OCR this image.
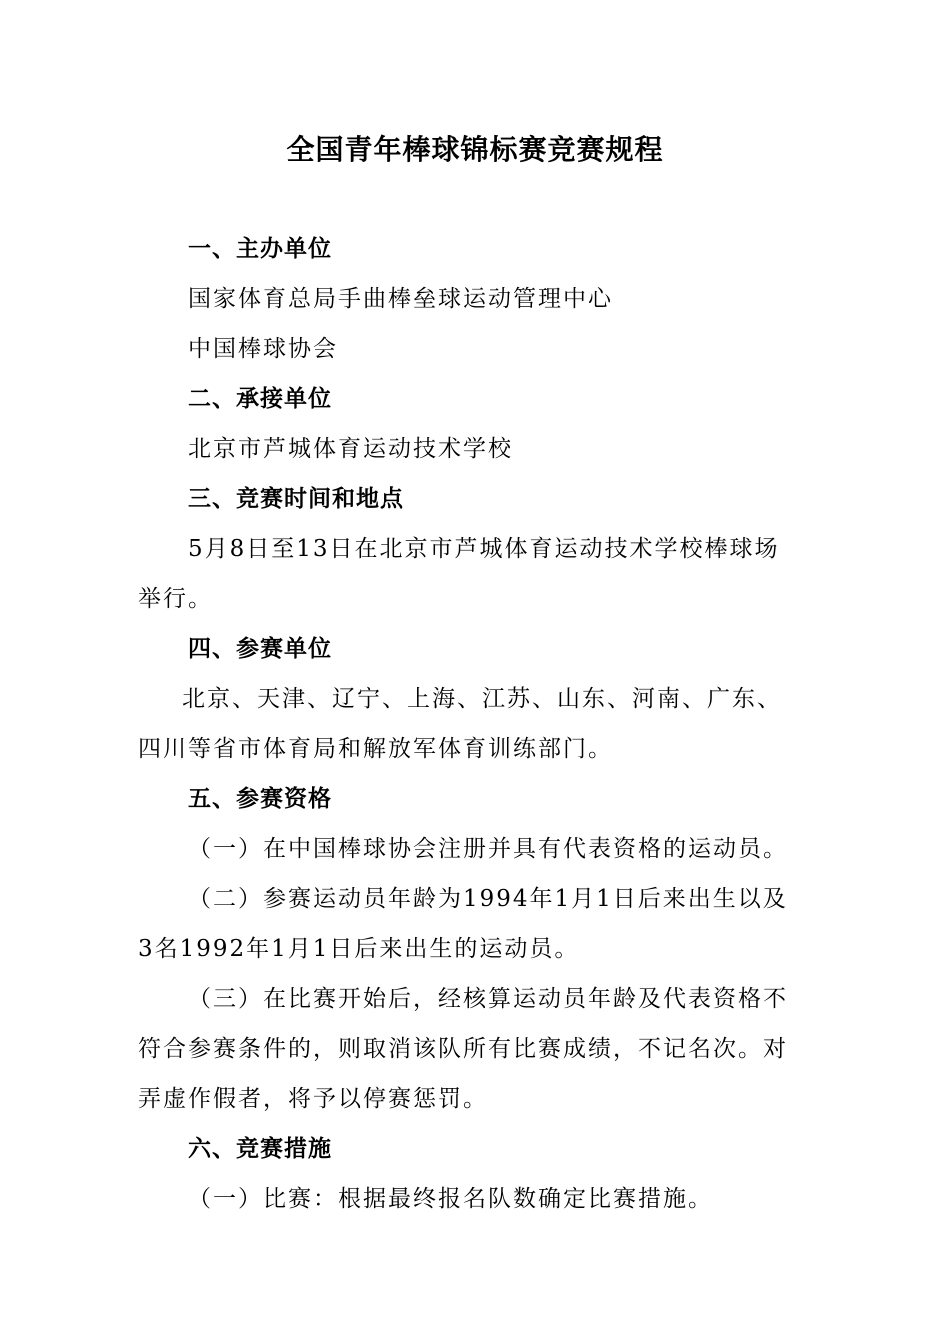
全国青年棒球锦标赛竞赛规程
一、主办单位
国家体育总局手曲棒垒球运动管理中心
中国棒球协会
二、承接单位
北京市芦城体育运动技术学校
三、竞赛时间和地点
5月8日至13日在北京市芦城体育运动技术学校棒球场
举行。
四、参赛单位
北京、天津、辽宁、上海、江苏、山东、河南、广东、
四川等省市体育局和解放军体育训练部门。
五、参赛资格
（一）在中国棒球协会注册并具有代表资格的运动员。
（二）参赛运动员年龄为1994年1月1日后来出生以及
3名1992年1月1日后来出生的运动员。
（三）在比赛开始后，经核算运动员年龄及代表资格不
符合参赛条件的，则取消该队所有比赛成绩，不记名次。对
弄虚作假者，将予以停赛惩罚。
六、竞赛措施
（一）比赛：根据最终报名队数确定比赛措施。
